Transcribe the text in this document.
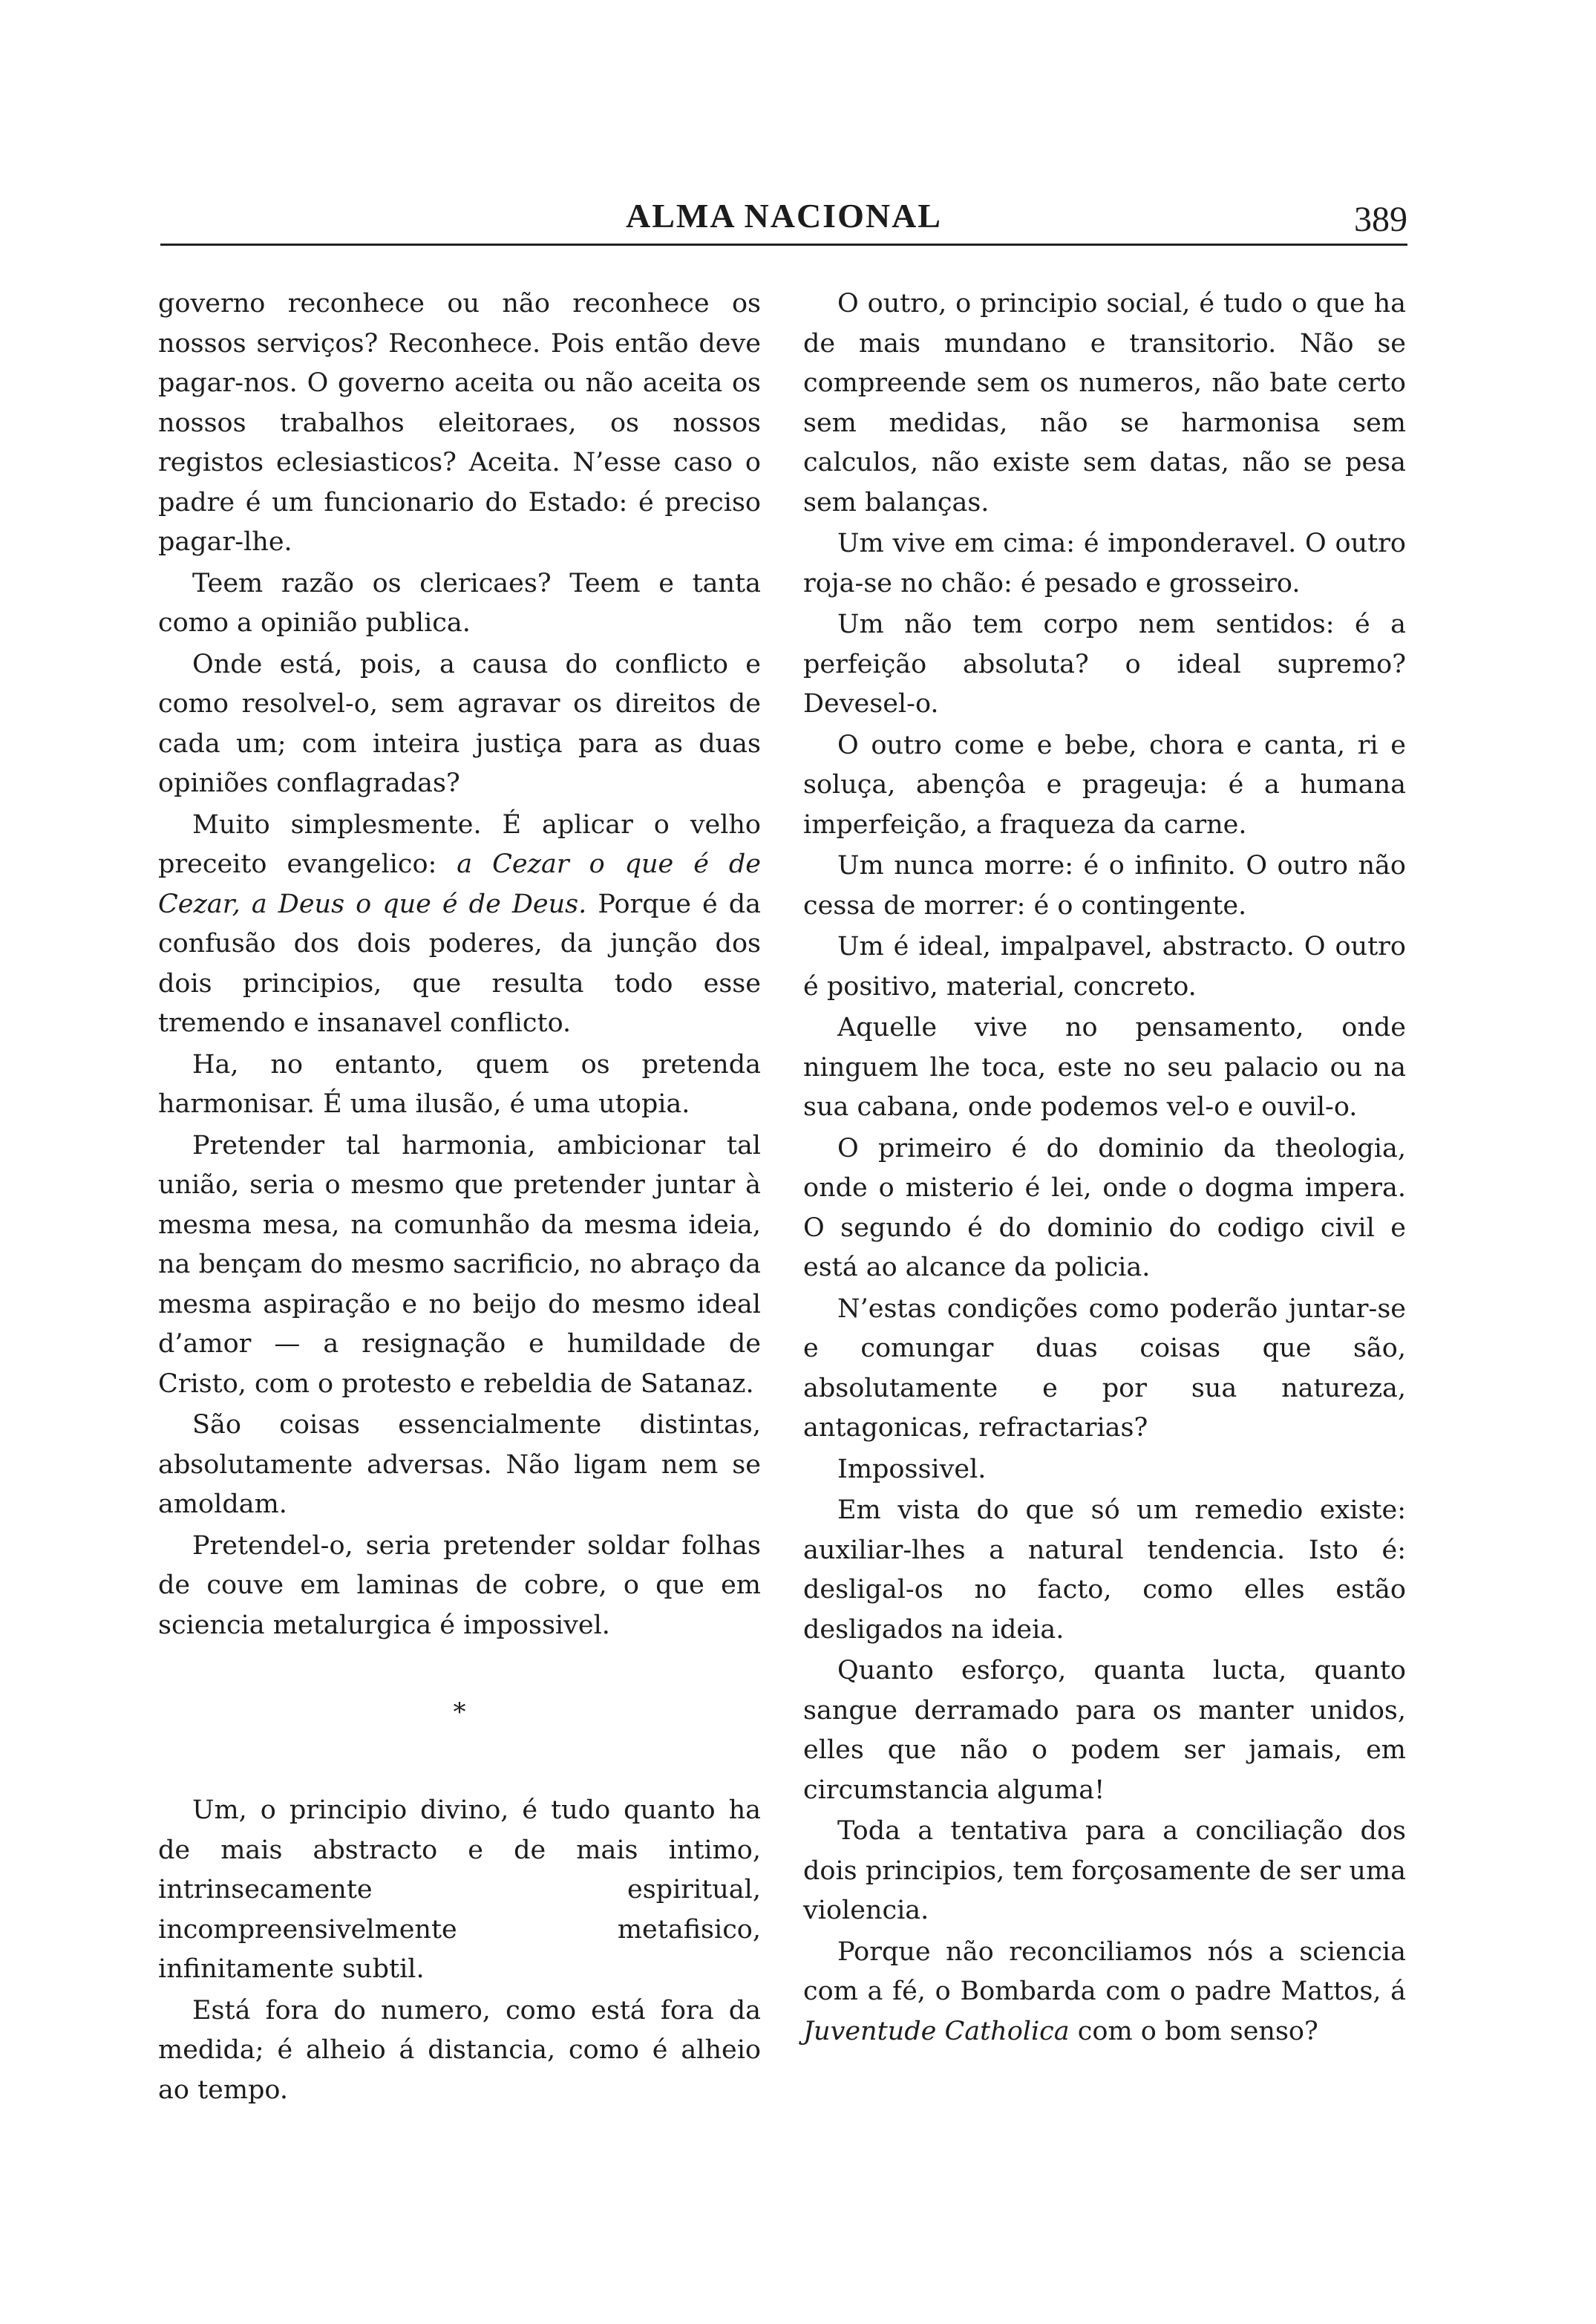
ALMA NACIONAL	389

governo reconhece ou não reconhece os nossos serviços? Reconhece. Pois então deve pagar-nos. O governo aceita ou não aceita os nossos trabalhos eleitoraes, os nossos registos eclesiasticos? Aceita. N’esse caso o padre é um funcionario do Estado: é preciso pagar-lhe.

Teem razão os clericaes? Teem e tanta como a opinião publica.

Onde está, pois, a causa do conflicto e como resolvel-o, sem agravar os direitos de cada um; com inteira justiça para as duas opiniões conflagradas?

Muito simplesmente. É aplicar o velho preceito evangelico: a Cezar o que é de Cezar, a Deus o que é de Deus. Porque é da confusão dos dois poderes, da junção dos dois principios, que resulta todo esse tremendo e insanavel conflicto.

Ha, no entanto, quem os pretenda harmonisar. É uma ilusão, é uma utopia.

Pretender tal harmonia, ambicionar tal união, seria o mesmo que pretender juntar à mesma mesa, na comunhão da mesma ideia, na bençam do mesmo sacrificio, no abraço da mesma aspiração e no beijo do mesmo ideal d’amor — a resignação e humildade de Cristo, com o protesto e rebeldia de Satanaz.

São coisas essencialmente distintas, absolutamente adversas. Não ligam nem se amoldam.

Pretendel-o, seria pretender soldar folhas de couve em laminas de cobre, o que em sciencia metalurgica é impossivel.

*

Um, o principio divino, é tudo quanto ha de mais abstracto e de mais intimo, intrinsecamente espiritual, incompreensivelmente metafisico, infinitamente subtil.

Está fora do numero, como está fora da medida; é alheio á distancia, como é alheio ao tempo.

O outro, o principio social, é tudo o que ha de mais mundano e transitorio. Não se compreende sem os numeros, não bate certo sem medidas, não se harmonisa sem calculos, não existe sem datas, não se pesa sem balanças.

Um vive em cima: é imponderavel. O outro roja-se no chão: é pesado e grosseiro.

Um não tem corpo nem sentidos: é a perfeição absoluta? o ideal supremo? Devesel-o.

O outro come e bebe, chora e canta, ri e soluça, abençôa e prageuja: é a humana imperfeição, a fraqueza da carne.

Um nunca morre: é o infinito. O outro não cessa de morrer: é o contingente.

Um é ideal, impalpavel, abstracto. O outro é positivo, material, concreto.

Aquelle vive no pensamento, onde ninguem lhe toca, este no seu palacio ou na sua cabana, onde podemos vel-o e ouvil-o.

O primeiro é do dominio da theologia, onde o misterio é lei, onde o dogma impera. O segundo é do dominio do codigo civil e está ao alcance da policia.

N’estas condições como poderão juntar-se e comungar duas coisas que são, absolutamente e por sua natureza, antagonicas, refractarias?

Impossivel.

Em vista do que só um remedio existe: auxiliar-lhes a natural tendencia. Isto é: desligal-os no facto, como elles estão desligados na ideia.

Quanto esforço, quanta lucta, quanto sangue derramado para os manter unidos, elles que não o podem ser jamais, em circumstancia alguma!

Toda a tentativa para a conciliação dos dois principios, tem forçosamente de ser uma violencia.

Porque não reconciliamos nós a sciencia com a fé, o Bombarda com o padre Mattos, á Juventude Catholica com o bom senso?
